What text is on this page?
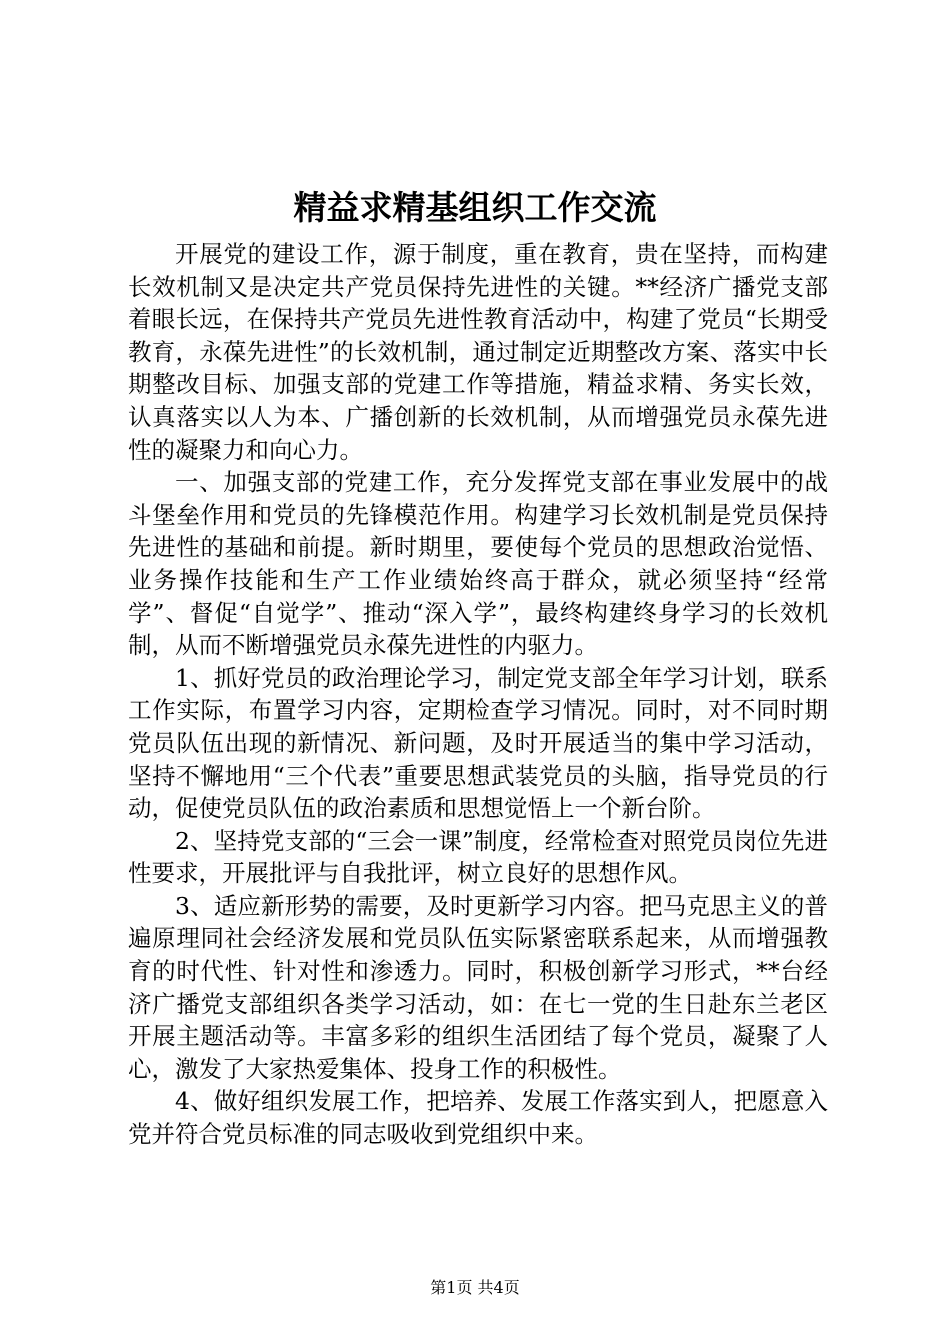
精益求精基组织工作交流

开展党的建设工作，源于制度，重在教育，贵在坚持，而构建长效机制又是决定共产党员保持先进性的关键。**经济广播党支部着眼长远，在保持共产党员先进性教育活动中，构建了党员“长期受教育，永葆先进性”的长效机制，通过制定近期整改方案、落实中长期整改目标、加强支部的党建工作等措施，精益求精、务实长效，认真落实以人为本、广播创新的长效机制，从而增强党员永葆先进性的凝聚力和向心力。

一、加强支部的党建工作，充分发挥党支部在事业发展中的战斗堡垒作用和党员的先锋模范作用。构建学习长效机制是党员保持先进性的基础和前提。新时期里，要使每个党员的思想政治觉悟、业务操作技能和生产工作业绩始终高于群众，就必须坚持“经常学”、督促“自觉学”、推动“深入学”，最终构建终身学习的长效机制，从而不断增强党员永葆先进性的内驱力。

1、抓好党员的政治理论学习，制定党支部全年学习计划，联系工作实际，布置学习内容，定期检查学习情况。同时，对不同时期党员队伍出现的新情况、新问题，及时开展适当的集中学习活动，坚持不懈地用“三个代表”重要思想武装党员的头脑，指导党员的行动，促使党员队伍的政治素质和思想觉悟上一个新台阶。

2、坚持党支部的“三会一课”制度，经常检查对照党员岗位先进性要求，开展批评与自我批评，树立良好的思想作风。

3、适应新形势的需要，及时更新学习内容。把马克思主义的普遍原理同社会经济发展和党员队伍实际紧密联系起来，从而增强教育的时代性、针对性和渗透力。同时，积极创新学习形式，**台经济广播党支部组织各类学习活动，如：在七一党的生日赴东兰老区开展主题活动等。丰富多彩的组织生活团结了每个党员，凝聚了人心，激发了大家热爱集体、投身工作的积极性。

4、做好组织发展工作，把培养、发展工作落实到人，把愿意入党并符合党员标准的同志吸收到党组织中来。

第1页 共4页
